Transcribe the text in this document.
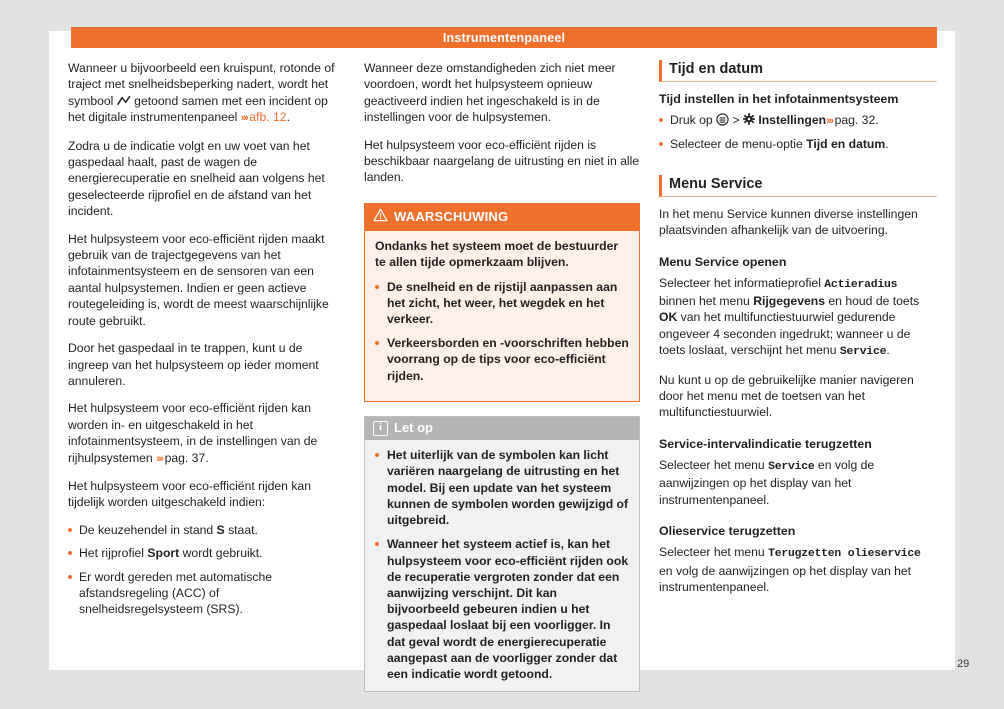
Instrumentenpaneel

Wanneer u bijvoorbeeld een kruispunt, rotonde of traject met snelheidsbeperking nadert, wordt het symbool  getoond samen met een incident op het digitale instrumentenpaneel ››› afb. 12.

Zodra u de indicatie volgt en uw voet van het gaspedaal haalt, past de wagen de energierecuperatie en snelheid aan volgens het geselecteerde rijprofiel en de afstand van het incident.

Het hulpsysteem voor eco-efficiënt rijden maakt gebruik van de trajectgegevens van het infotainmentsysteem en de sensoren van een aantal hulpsystemen. Indien er geen actieve routegeleiding is, wordt de meest waarschijnlijke route gebruikt.

Door het gaspedaal in te trappen, kunt u de ingreep van het hulpsysteem op ieder moment annuleren.

Het hulpsysteem voor eco-efficiënt rijden kan worden in- en uitgeschakeld in het infotainmentsysteem, in de instellingen van de rijhulpsystemen ››› pag. 37.

Het hulpsysteem voor eco-efficiënt rijden kan tijdelijk worden uitgeschakeld indien:

De keuzehendel in stand S staat.
Het rijprofiel Sport wordt gebruikt.
Er wordt gereden met automatische afstandsregeling (ACC) of snelheidsregelsysteem (SRS).

Wanneer deze omstandigheden zich niet meer voordoen, wordt het hulpsysteem opnieuw geactiveerd indien het ingeschakeld is in de instellingen voor de hulpsystemen.

Het hulpsysteem voor eco-efficiënt rijden is beschikbaar naargelang de uitrusting en niet in alle landen.

WAARSCHUWING

Ondanks het systeem moet de bestuurder te allen tijde opmerkzaam blijven.

De snelheid en de rijstijl aanpassen aan het zicht, het weer, het wegdek en het verkeer.
Verkeersborden en -voorschriften hebben voorrang op de tips voor eco-efficiënt rijden.
i Let op
Het uiterlijk van de symbolen kan licht variëren naargelang de uitrusting en het model. Bij een update van het systeem kunnen de symbolen worden gewijzigd of uitgebreid.
Wanneer het systeem actief is, kan het hulpsysteem voor eco-efficiënt rijden ook de recuperatie vergroten zonder dat een aanwijzing verschijnt. Dit kan bijvoorbeeld gebeuren indien u het gaspedaal loslaat bij een voorligger. In dat geval wordt de energierecuperatie aangepast aan de voorligger zonder dat een indicatie wordt getoond.
Tijd en datum
Tijd instellen in het infotainmentsysteem
Druk op  >  Instellingen››› pag. 32.
Selecteer de menu-optie Tijd en datum.
Menu Service

In het menu Service kunnen diverse instellingen plaatsvinden afhankelijk van de uitvoering.

Menu Service openen

Selecteer het informatieprofiel Actieradius binnen het menu Rijgegevens en houd de toets OK van het multifunctiestuurwiel gedurende ongeveer 4 seconden ingedrukt; wanneer u de toets loslaat, verschijnt het menu Service.

Nu kunt u op de gebruikelijke manier navigeren door het menu met de toetsen van het multifunctiestuurwiel.

Service-intervalindicatie terugzetten

Selecteer het menu Service en volg de aanwijzingen op het display van het instrumentenpaneel.

Olieservice terugzetten

Selecteer het menu Terugzetten olieservice en volg de aanwijzingen op het display van het instrumentenpaneel.

29
